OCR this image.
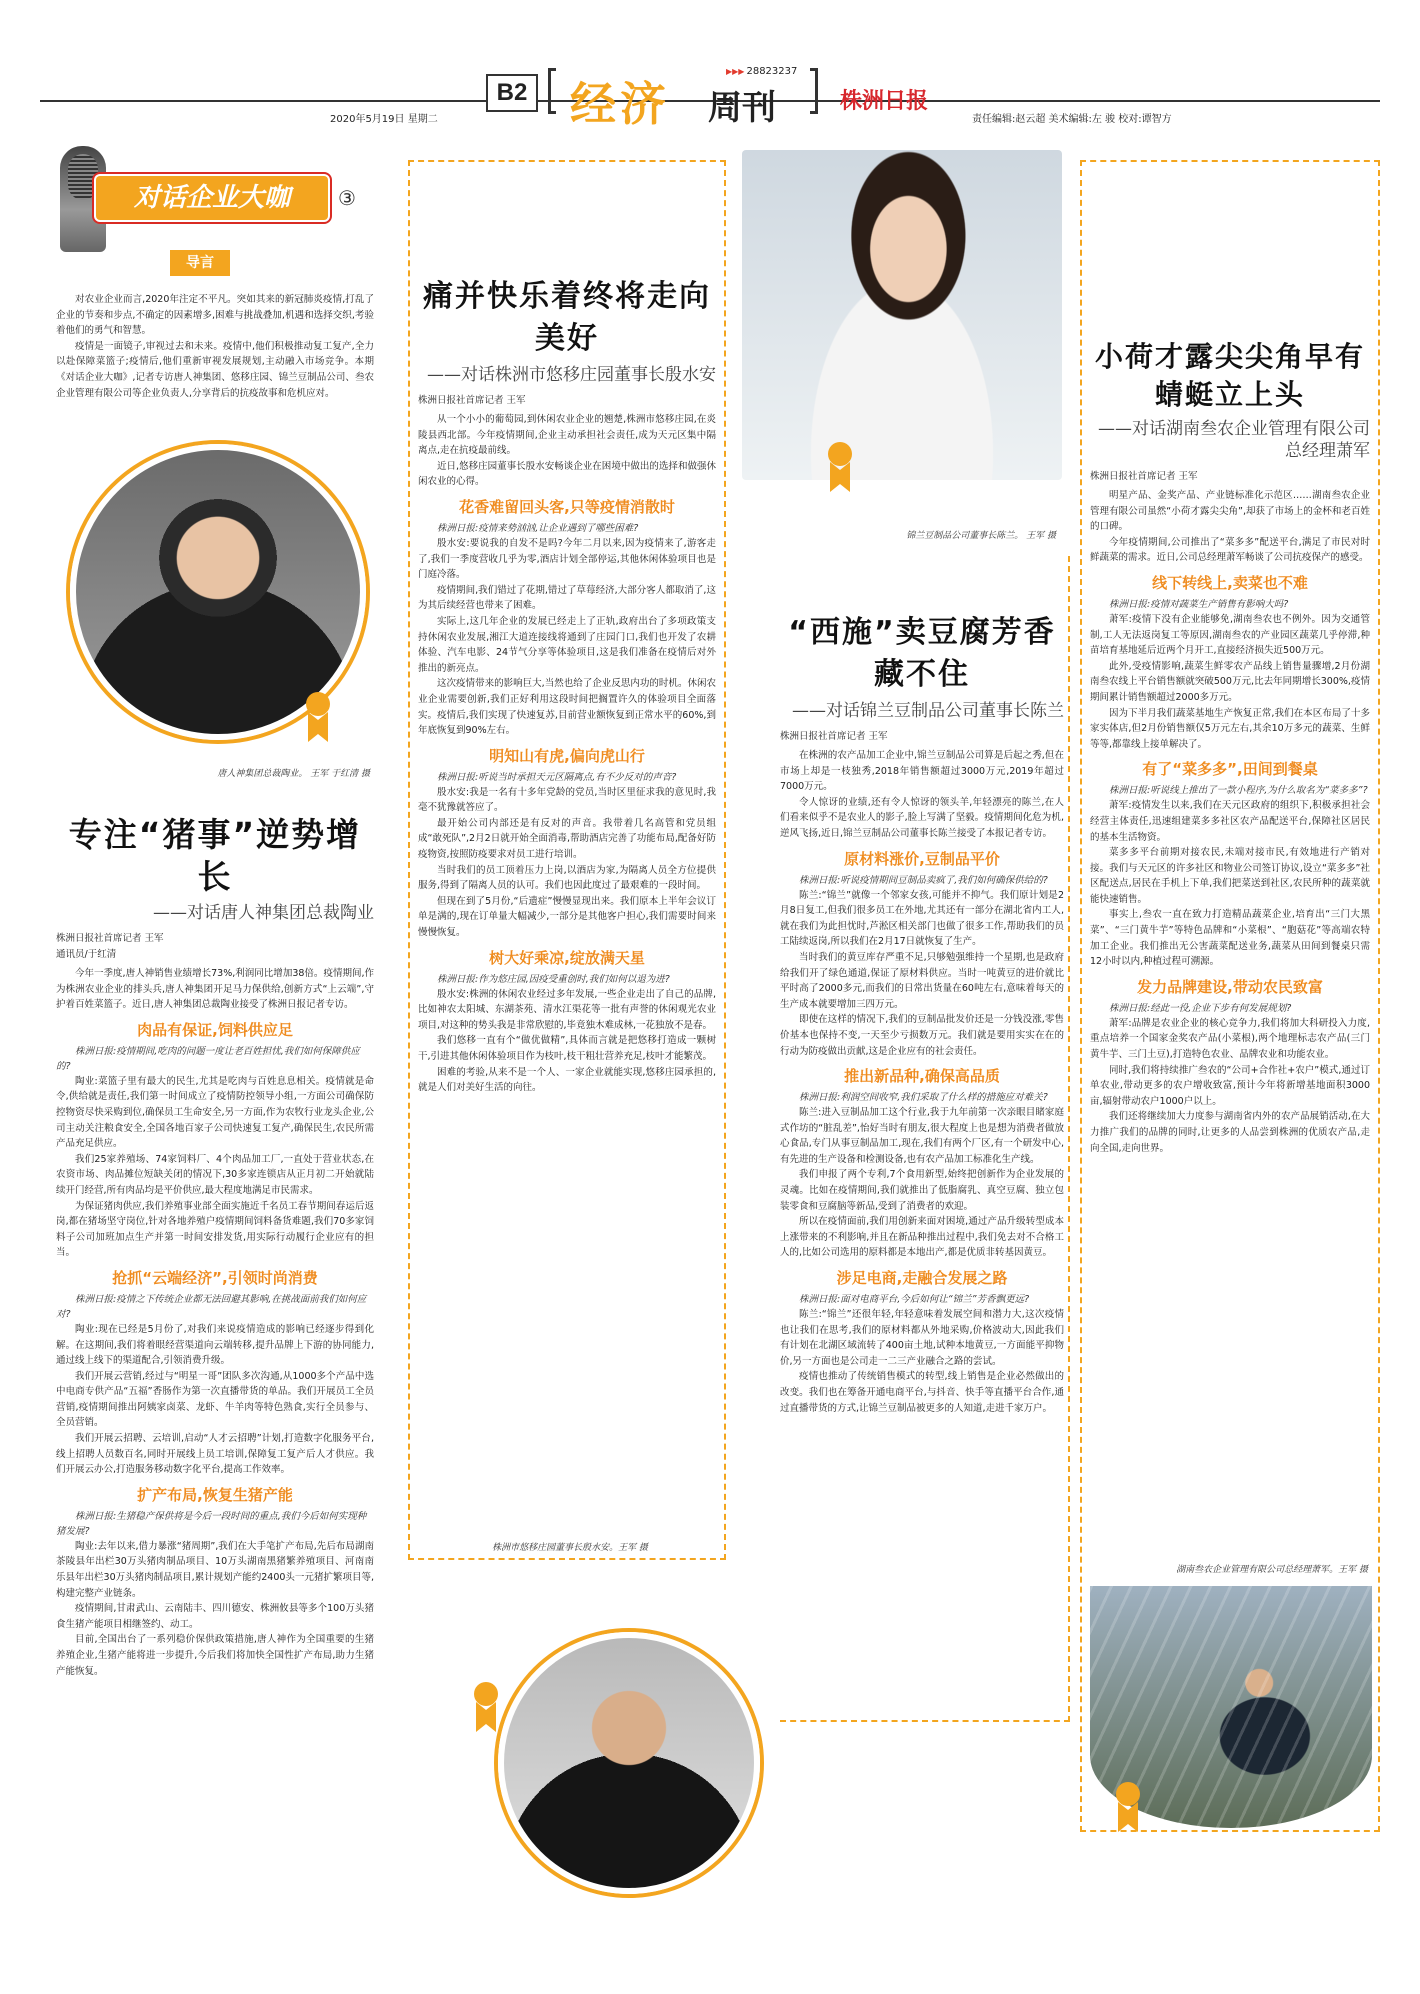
2020年5月19日 星期二
B2 经济
▶▶▶ 28823237
周刊	株洲日报
责任编辑:赵云超 美术编辑:左 骏 校对:谭智方
对话企业大咖	③
导言

对农业企业而言,2020年注定不平凡。突如其来的新冠肺炎疫情,打乱了企业的节奏和步点,不确定的因素增多,困难与挑战叠加,机遇和选择交织,考验着他们的勇气和智慧。

疫情是一面镜子,审视过去和未来。疫情中,他们积极推动复工复产,全力以赴保障菜篮子;疫情后,他们重新审视发展规划,主动融入市场竞争。本期《对话企业大咖》,记者专访唐人神集团、悠移庄园、锦兰豆制品公司、叁农企业管理有限公司等企业负责人,分享背后的抗疫故事和危机应对。

唐人神集团总裁陶业。 王军 于红清 摄
专注“猪事”逆势增长
——对话唐人神集团总裁陶业
株洲日报社首席记者 王军
通讯员/于红清

今年一季度,唐人神销售业绩增长73%,利润同比增加38倍。疫情期间,作为株洲农业企业的排头兵,唐人神集团开足马力保供给,创新方式“上云端”,守护着百姓菜篮子。近日,唐人神集团总裁陶业接受了株洲日报记者专访。

肉品有保证,饲料供应足

株洲日报:疫情期间,吃肉的问题一度让老百姓担忧,我们如何保障供应的?

陶业:菜篮子里有最大的民生,尤其是吃肉与百姓息息相关。疫情就是命令,供给就是责任,我们第一时间成立了疫情防控领导小组,一方面公司确保防控物资尽快采购到位,确保员工生命安全,另一方面,作为农牧行业龙头企业,公司主动关注粮食安全,全国各地百家子公司快速复工复产,确保民生,农民所需产品充足供应。

我们25家养殖场、74家饲料厂、4个肉品加工厂,一直处于营业状态,在农资市场、肉品摊位短缺关闭的情况下,30多家连锁店从正月初二开始就陆续开门经营,所有肉品均是平价供应,最大程度地满足市民需求。

为保证猪肉供应,我们养殖事业部全面实施近千名员工春节期间春运后返岗,都在猪场坚守岗位,针对各地养殖户疫情期间饲料备货难题,我们70多家饲料子公司加班加点生产并第一时间安排发货,用实际行动履行企业应有的担当。

抢抓“云端经济”,引领时尚消费

株洲日报:疫情之下传统企业都无法回避其影响,在挑战面前我们如何应对?

陶业:现在已经是5月份了,对我们来说疫情造成的影响已经逐步得到化解。在这期间,我们将着眼经营渠道向云端转移,提升品牌上下游的协同能力,通过线上线下的渠道配合,引领消费升级。

我们开展云营销,经过与“明星一哥”团队多次沟通,从1000多个产品中选中电商专供产品“五福”香肠作为第一次直播带货的单品。我们开展员工全员营销,疫情期间推出阿姨家卤菜、龙虾、牛羊肉等特色熟食,实行全员参与、全员营销。

我们开展云招聘、云培训,启动“人才云招聘”计划,打造数字化服务平台,线上招聘人员数百名,同时开展线上员工培训,保障复工复产后人才供应。我们开展云办公,打造服务移动数字化平台,提高工作效率。

扩产布局,恢复生猪产能

株洲日报:生猪稳产保供将是今后一段时间的重点,我们今后如何实现种猪发展?

陶业:去年以来,借力暴涨“猪周期”,我们在大手笔扩产布局,先后布局湖南茶陵县年出栏30万头猪肉制品项目、10万头湖南黑猪繁养殖项目、河南南乐县年出栏30万头猪肉制品项目,累计规划产能约2400头一元猪扩繁项目等,构建完整产业链条。

疫情期间,甘肃武山、云南陆丰、四川德安、株洲攸县等多个100万头猪食生猪产能项目相继签约、动工。

目前,全国出台了一系列稳价保供政策措施,唐人神作为全国重要的生猪养殖企业,生猪产能将进一步提升,今后我们将加快全国性扩产布局,助力生猪产能恢复。

痛并快乐着终将走向美好
——对话株洲市悠移庄园董事长殷水安
株洲日报社首席记者 王军

从一个小小的葡萄园,到休闲农业企业的翘楚,株洲市悠移庄园,在炎陵县西北部。今年疫情期间,企业主动承担社会责任,成为天元区集中隔离点,走在抗疫最前线。

近日,悠移庄园董事长殷水安畅谈企业在困境中做出的选择和做强休闲农业的心得。

花香难留回头客,只等疫情消散时

株洲日报:疫情来势汹汹,让企业遇到了哪些困难?

殷水安:要说我的自发不是吗?今年二月以来,因为疫情来了,游客走了,我们一季度营收几乎为零,酒店计划全部停运,其他休闲体验项目也是门庭冷落。

疫情期间,我们错过了花期,错过了草莓经济,大部分客人都取消了,这为其后续经营也带来了困难。

实际上,这几年企业的发展已经走上了正轨,政府出台了多项政策支持休闲农业发展,湘江大道连接线将通到了庄园门口,我们也开发了农耕体验、汽车电影、24节气分享等体验项目,这是我们准备在疫情后对外推出的新亮点。

这次疫情带来的影响巨大,当然也给了企业反思内功的时机。休闲农业企业需要创新,我们正好利用这段时间把搁置许久的体验项目全面落实。疫情后,我们实现了快速复苏,目前营业额恢复到正常水平的60%,到年底恢复到90%左右。

明知山有虎,偏向虎山行

株洲日报:听说当时承担天元区隔离点,有不少反对的声音?

殷水安:我是一名有十多年党龄的党员,当时区里征求我的意见时,我毫不犹豫就答应了。

最开始公司内部还是有反对的声音。我带着几名高管和党员组成“敢死队”,2月2日就开始全面消毒,帮助酒店完善了功能布局,配备好防疫物资,按照防疫要求对员工进行培训。

当时我们的员工顶着压力上岗,以酒店为家,为隔离人员全方位提供服务,得到了隔离人员的认可。我们也因此度过了最艰难的一段时间。

但现在到了5月份,“后遗症”慢慢显现出来。我们原本上半年会议订单是满的,现在订单量大幅减少,一部分是其他客户担心,我们需要时间来慢慢恢复。

树大好乘凉,绽放满天星

株洲日报:作为悠庄园,因疫受重创时,我们如何以退为进?

殷水安:株洲的休闲农业经过多年发展,一些企业走出了自己的品牌,比如神农太阳城、东湖茶苑、清水江渠花等一批有声誉的休闲观光农业项目,对这种的势头我是非常欣慰的,毕竟独木难成林,一花独放不是春。

我们悠移一直有个“做优做精”,具体而言就是把悠移打造成一颗树干,引进其他休闲体验项目作为枝叶,枝干粗壮营养充足,枝叶才能繁茂。

困难的考验,从来不是一个人、一家企业就能实现,悠移庄园承担的,就是人们对美好生活的向往。

株洲市悠移庄园董事长殷水安。王军 摄
锦兰豆制品公司董事长陈兰。 王军 摄
“西施”卖豆腐芳香藏不住
——对话锦兰豆制品公司董事长陈兰
株洲日报社首席记者 王军

在株洲的农产品加工企业中,锦兰豆制品公司算是后起之秀,但在市场上却是一枝独秀,2018年销售额超过3000万元,2019年超过7000万元。

令人惊讶的业绩,还有令人惊讶的领头羊,年轻漂亮的陈兰,在人们看来似乎不是农业人的影子,脸上写满了坚毅。疫情期间化危为机,逆风飞扬,近日,锦兰豆制品公司董事长陈兰接受了本报记者专访。

原材料涨价,豆制品平价

株洲日报:听说疫情期间豆制品卖疯了,我们如何确保供给的?

陈兰:“锦兰”就像一个邻家女孩,可能并不抑气。我们原计划是2月8日复工,但我们很多员工在外地,尤其还有一部分在湖北省内工人,就在我们为此担忧时,芦淞区相关部门也做了很多工作,帮助我们的员工陆续返岗,所以我们在2月17日就恢复了生产。

当时我们的黄豆库存严重不足,只够勉强维持一个星期,也是政府给我们开了绿色通道,保证了原材料供应。当时一吨黄豆的进价就比平时高了2000多元,而我们的日常出货量在60吨左右,意味着每天的生产成本就要增加三四万元。

即使在这样的情况下,我们的豆制品批发价还是一分钱没涨,零售价基本也保持不变,一天至少亏损数万元。我们就是要用实实在在的行动为防疫做出贡献,这是企业应有的社会责任。

推出新品种,确保高品质

株洲日报:利润空间收窄,我们采取了什么样的措施应对难关?

陈兰:进入豆制品加工这个行业,我于九年前第一次亲眼目睹家庭式作坊的“脏乱差”,怡好当时有朋友,很大程度上也是想为消费者做放心食品,专门从事豆制品加工,现在,我们有两个厂区,有一个研发中心,有先进的生产设备和检测设备,也有农产品加工标准化生产线。

我们申报了两个专利,7个食用新型,始终把创新作为企业发展的灵魂。比如在疫情期间,我们就推出了低脂腐乳、真空豆腐、独立包装零食和豆腐脑等新品,受到了消费者的欢迎。

所以在疫情面前,我们用创新来面对困境,通过产品升级转型成本上涨带来的不利影响,并且在新品种推出过程中,我们免去对不合格工人的,比如公司选用的原料都是本地出产,都是优质非转基因黄豆。

涉足电商,走融合发展之路

株洲日报:面对电商平台,今后如何让“锦兰”芳香飘更远?

陈兰:“锦兰”还很年轻,年轻意味着发展空间和潜力大,这次疫情也让我们在思考,我们的原材料都从外地采购,价格波动大,因此我们有计划在北湖区域流转了400亩土地,试种本地黄豆,一方面能平抑物价,另一方面也是公司走一二三产业融合之路的尝试。

疫情也推动了传统销售模式的转型,线上销售是企业必然做出的改变。我们也在筹备开通电商平台,与抖音、快手等直播平台合作,通过直播带货的方式,让锦兰豆制品被更多的人知道,走进千家万户。

小荷才露尖尖角早有蜻蜓立上头
——对话湖南叁农企业管理有限公司总经理萧军
株洲日报社首席记者 王军

明星产品、金奖产品、产业链标准化示范区……湖南叁农企业管理有限公司虽然“小荷才露尖尖角”,却获了市场上的金杯和老百姓的口碑。

今年疫情期间,公司推出了“菜多多”配送平台,满足了市民对时鲜蔬菜的需求。近日,公司总经理萧军畅谈了公司抗疫保产的感受。

线下转线上,卖菜也不难

株洲日报:疫情对蔬菜生产销售有影响大吗?

萧军:疫情下没有企业能够免,湖南叁农也不例外。因为交通管制,工人无法返岗复工等原因,湖南叁农的产业园区蔬菜几乎停滞,种苗培育基地延后近两个月开工,直接经济损失近500万元。

此外,受疫情影响,蔬菜生鲜零农产品线上销售量骤增,2月份湖南叁农线上平台销售额就突破500万元,比去年同期增长300%,疫情期间累计销售额超过2000多万元。

因为下半月我们蔬菜基地生产恢复正常,我们在本区布局了十多家实体店,但2月份销售额仅5万元左右,其余10万多元的蔬菜、生鲜等等,都靠线上接单解决了。

有了“菜多多”,田间到餐桌

株洲日报:听说线上推出了一款小程序,为什么取名为“菜多多”?

萧军:疫情发生以来,我们在天元区政府的组织下,积极承担社会经营主体责任,迅速组建菜多多社区农产品配送平台,保障社区居民的基本生活物资。

菜多多平台前期对接农民,未端对接市民,有效地进行产销对接。我们与天元区的许多社区和物业公司签订协议,设立“菜多多”社区配送点,居民在手机上下单,我们把菜送到社区,农民所种的蔬菜就能快速销售。

事实上,叁农一直在致力打造精品蔬菜企业,培育出“三门大黑菜”、“三门黄牛芋”等特色品牌和“小菜根”、“胞菇花”等高端农特加工企业。我们推出无公害蔬菜配送业务,蔬菜从田间到餐桌只需12小时以内,种植过程可溯源。

发力品牌建设,带动农民致富

株洲日报:经此一役,企业下步有何发展规划?

萧军:品牌是农业企业的核心竞争力,我们将加大科研投入力度,重点培养一个国家金奖农产品(小菜根),两个地理标志农产品(三门黄牛芋、三门土豆),打造特色农业、品牌农业和功能农业。

同时,我们将持续推广叁农的“公司+合作社+农户”模式,通过订单农业,带动更多的农户增收致富,预计今年将新增基地面积3000亩,辐射带动农户1000户以上。

我们还将继续加大力度参与湖南省内外的农产品展销活动,在大力推广我们的品牌的同时,让更多的人品尝到株洲的优质农产品,走向全国,走向世界。

湖南叁农企业管理有限公司总经理萧军。王军 摄
